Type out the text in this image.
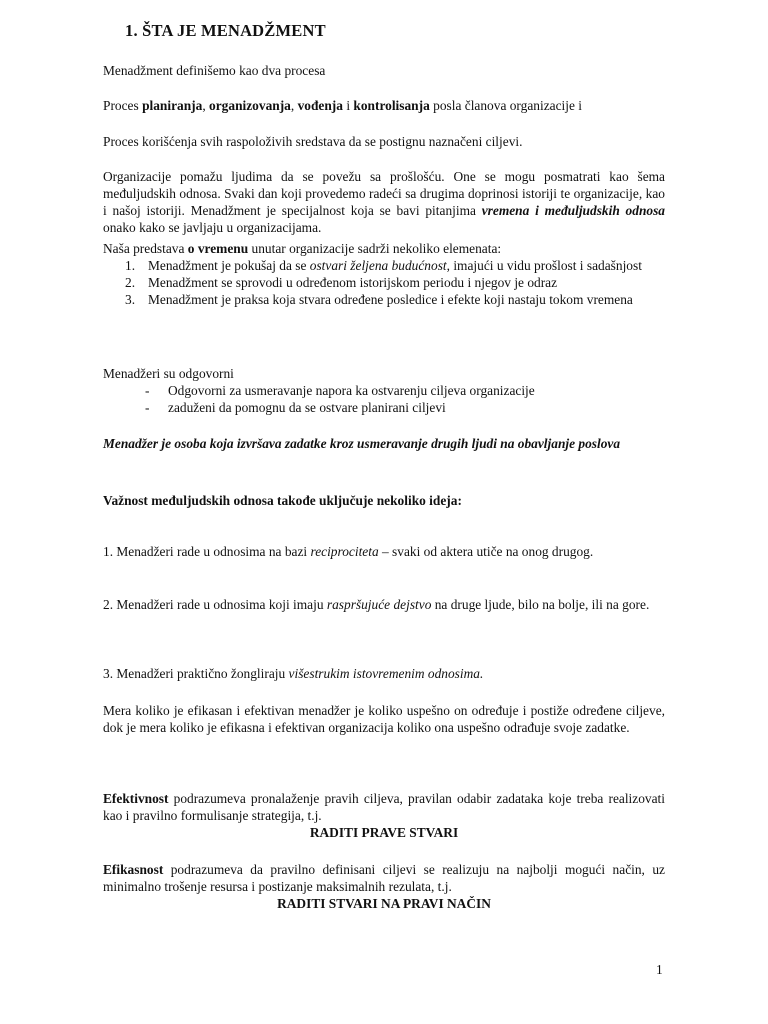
1. ŠTA JE MENADŽMENT

Menadžment definišemo kao dva procesa

Proces planiranja, organizovanja, vođenja i kontrolisanja posla članova organizacije i

Proces korišćenja svih raspoloživih sredstava da se postignu naznačeni ciljevi.

Organizacije pomažu ljudima da se povežu sa prošlošću. One se mogu posmatrati kao šema međuljudskih odnosa. Svaki dan koji provedemo radeći sa drugima doprinosi istoriji te organizacije, kao i našoj istoriji. Menadžment je specijalnost koja se bavi pitanjima vremena i međuljudskih odnosa onako kako se javljaju u organizacijama.

Naša predstava o vremenu unutar organizacije sadrži nekoliko elemenata:
1. Menadžment je pokušaj da se ostvari željena budućnost, imajući u vidu prošlost i sadašnjost
2. Menadžment se sprovodi u određenom istorijskom periodu i njegov je odraz
3. Menadžment je praksa koja stvara određene posledice i efekte koji nastaju tokom vremena
Menadžeri su odgovorni
- Odgovorni za usmeravanje napora ka ostvarenju ciljeva organizacije
- zaduženi da pomognu da se ostvare planirani ciljevi

Menadžer je osoba koja izvršava zadatke kroz usmeravanje drugih ljudi na obavljanje poslova

Važnost međuljudskih odnosa takođe uključuje nekoliko ideja:

1. Menadžeri rade u odnosima na bazi reciprociteta – svaki od aktera utiče na onog drugog.

2. Menadžeri rade u odnosima koji imaju raspršujuće dejstvo na druge ljude, bilo na bolje, ili na gore.

3. Menadžeri praktično žongliraju višestrukim istovremenim odnosima.

Mera koliko je efikasan i efektivan menadžer je koliko uspešno on određuje i postiže određene ciljeve, dok je mera koliko je efikasna i efektivan organizacija koliko ona uspešno odrađuje svoje zadatke.

Efektivnost podrazumeva pronalaženje pravih ciljeva, pravilan odabir zadataka koje treba realizovati kao i pravilno formulisanje strategija, t.j.
RADITI PRAVE STVARI
Efikasnost podrazumeva da pravilno definisani ciljevi se realizuju na najbolji mogući način, uz minimalno trošenje resursa i postizanje maksimalnih rezulata, t.j.
RADITI STVARI NA PRAVI NAČIN
1
